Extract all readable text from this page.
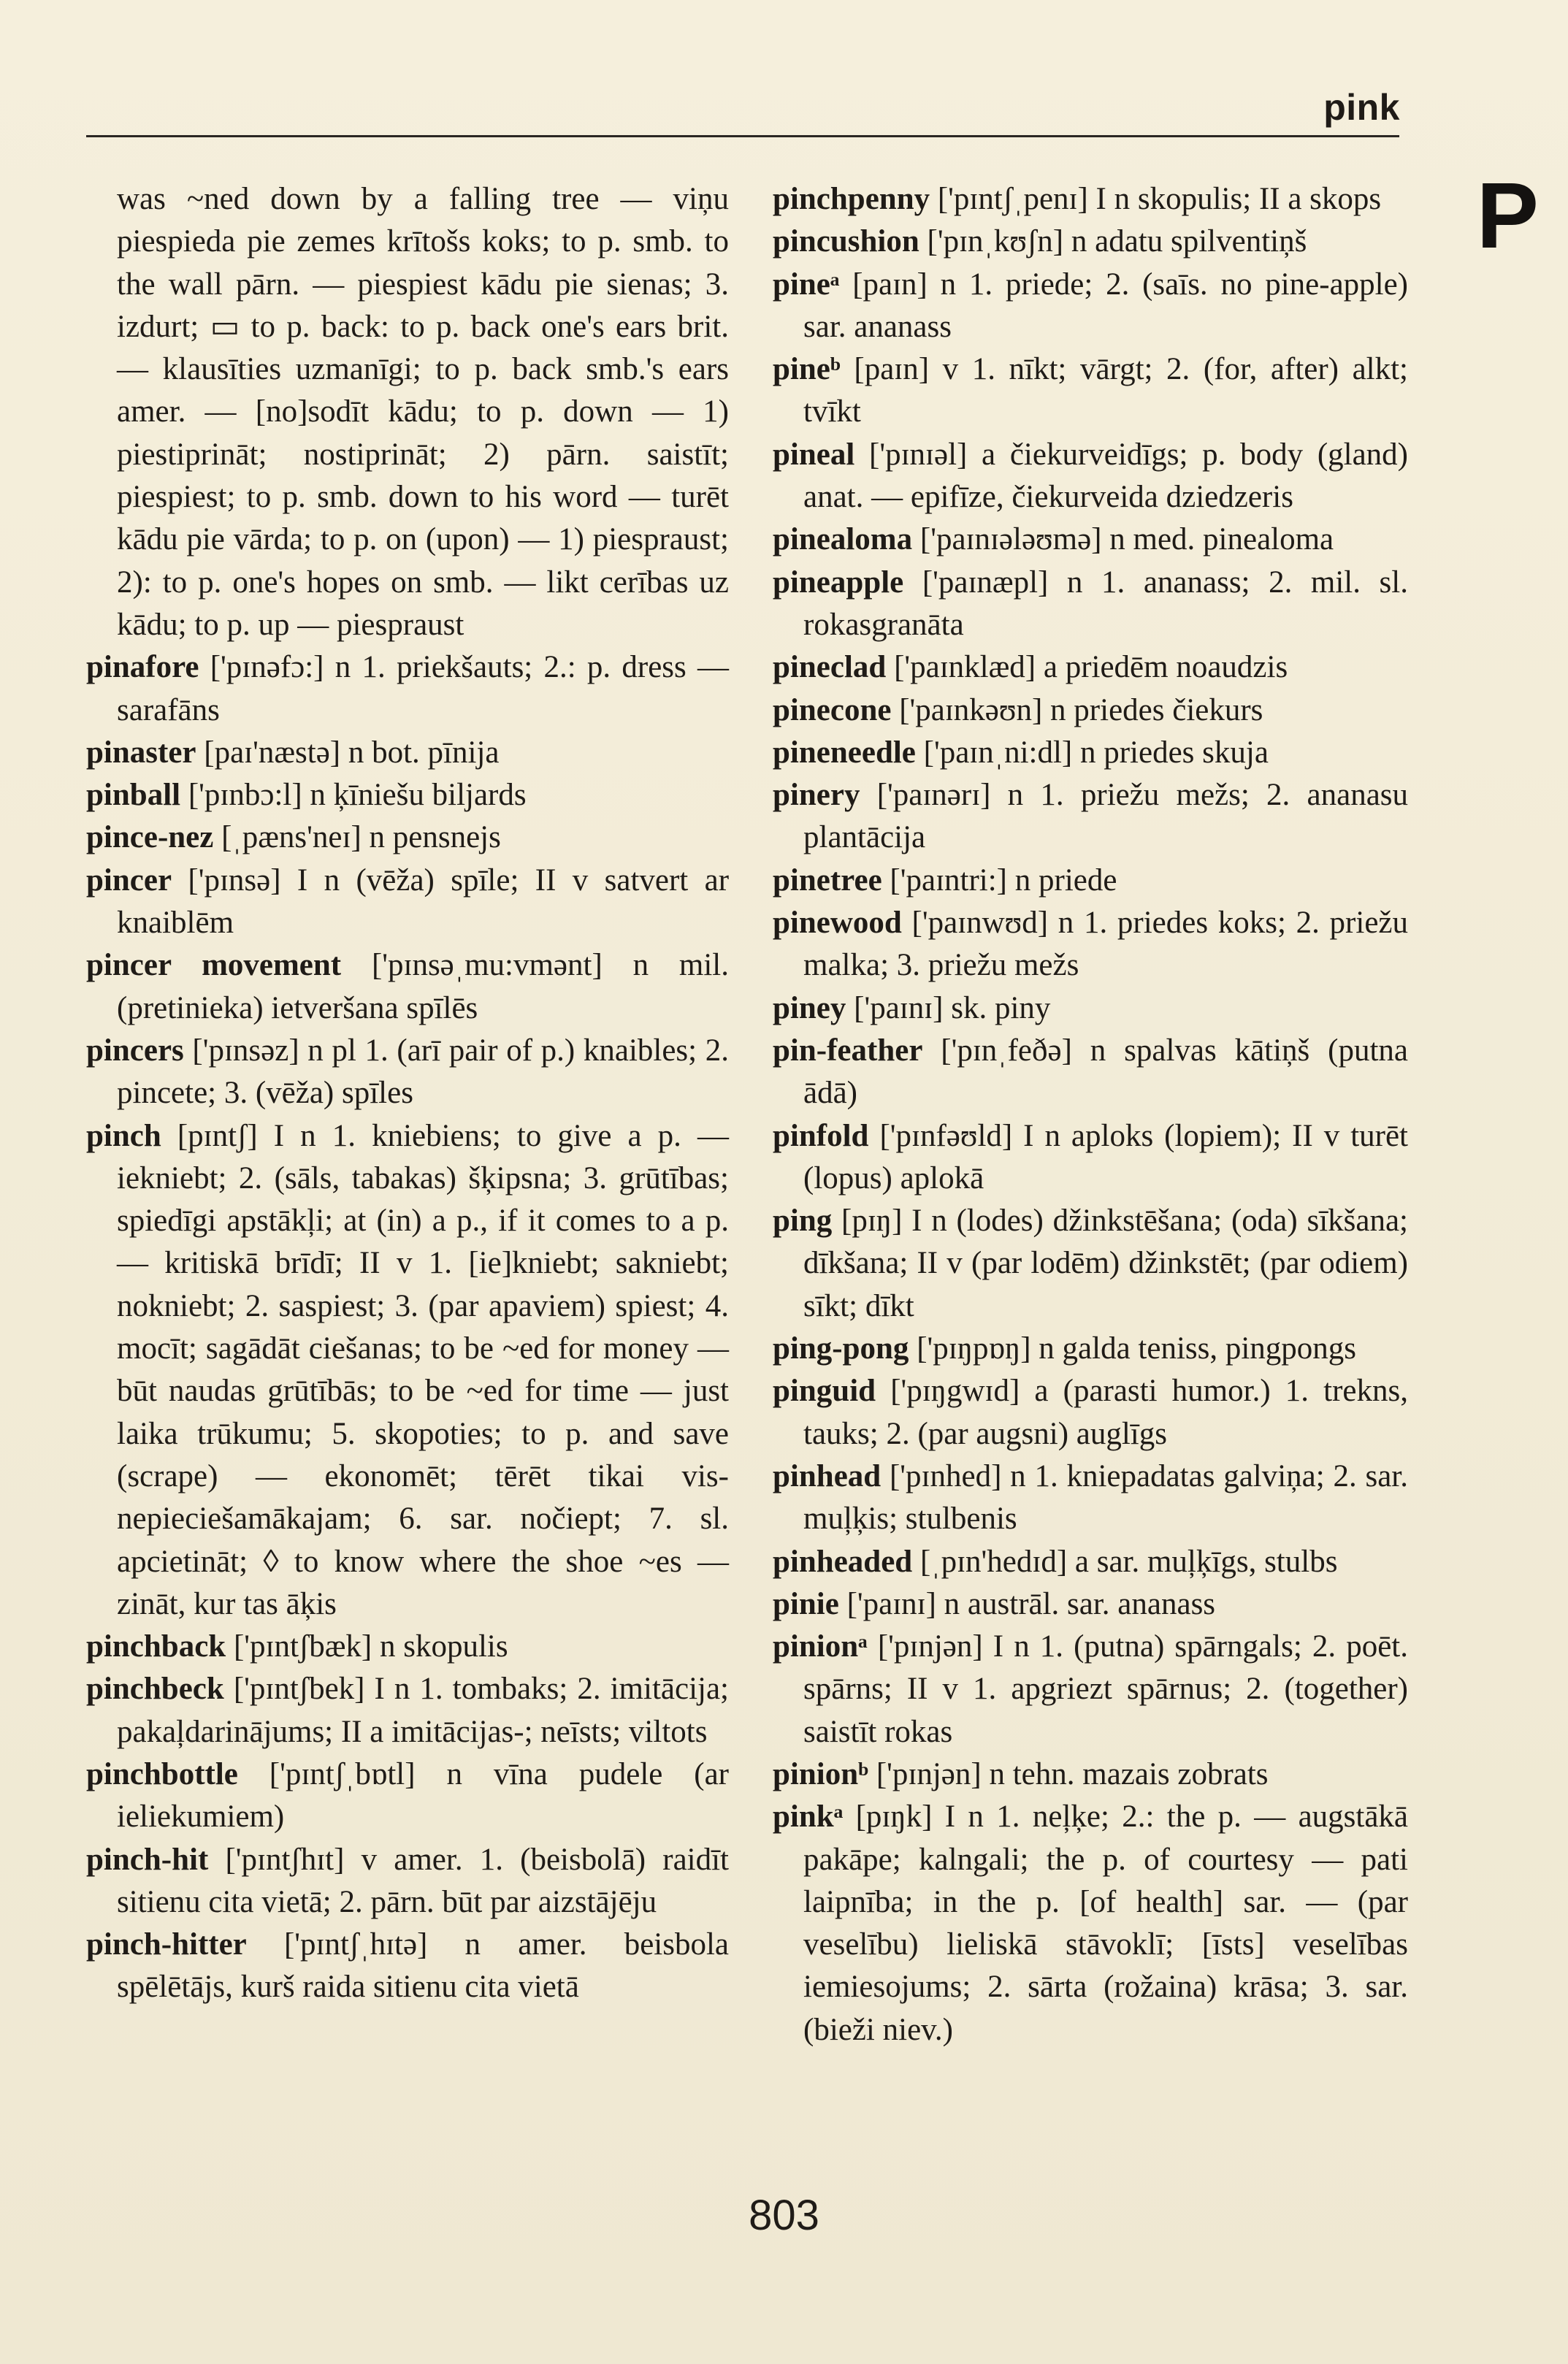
pink
P

was ~ned down by a falling tree — viņu piespieda pie zemes krītošs koks; to p. smb. to the wall pārn. — piespiest kādu pie sienas; 3. izdurt; ▭ to p. back: to p. back one's ears brit. — klausīties uzmanīgi; to p. back smb.'s ears amer. — [no]sodīt kādu; to p. down — 1) piestiprināt; nostiprināt; 2) pārn. saistīt; piespiest; to p. smb. down to his word — turēt kādu pie vārda; to p. on (upon) — 1) piespraust; 2): to p. one's hopes on smb. — likt cerības uz kādu; to p. up — piespraust

pinafore ['pɪnəfɔ:] n 1. priekšauts; 2.: p. dress — sarafāns

pinaster [paɪ'næstə] n bot. pīnija

pinball ['pɪnbɔ:l] n ķīniešu biljards

pince-nez [ˌpæns'neɪ] n pensnejs

pincer ['pɪnsə] I n (vēža) spīle; II v satvert ar knaiblēm

pincer movement ['pɪnsəˌmu:vmənt] n mil. (pretinieka) ietveršana spīlēs

pincers ['pɪnsəz] n pl 1. (arī pair of p.) knaibles; 2. pincete; 3. (vēža) spīles

pinch [pɪntʃ] I n 1. kniebiens; to give a p. — iekniebt; 2. (sāls, tabakas) šķipsna; 3. grūtības; spiedīgi apstākļi; at (in) a p., if it comes to a p. — kritiskā brīdī; II v 1. [ie]kniebt; sakniebt; nokniebt; 2. saspiest; 3. (par apaviem) spiest; 4. mocīt; sagādāt ciešanas; to be ~ed for money — būt naudas grūtībās; to be ~ed for time — just laika trūkumu; 5. skopoties; to p. and save (scrape) — ekonomēt; tērēt tikai vis-nepieciešamākajam; 6. sar. nočiept; 7. sl. apcietināt; ◊ to know where the shoe ~es — zināt, kur tas āķis

pinchback ['pɪntʃbæk] n skopulis

pinchbeck ['pɪntʃbek] I n 1. tombaks; 2. imitācija; pakaļdarinājums; II a imitācijas-; neīsts; viltots

pinchbottle ['pɪntʃˌbɒtl] n vīna pudele (ar ieliekumiem)

pinch-hit ['pɪntʃhɪt] v amer. 1. (beisbolā) raidīt sitienu cita vietā; 2. pārn. būt par aizstājēju

pinch-hitter ['pɪntʃˌhɪtə] n amer. beisbola spēlētājs, kurš raida sitienu cita vietā

pinchpenny ['pɪntʃˌpenɪ] I n skopulis; II a skops

pincushion ['pɪnˌkʊʃn] n adatu spilventiņš

pineᵃ [paɪn] n 1. priede; 2. (saīs. no pine-apple) sar. ananass

pineᵇ [paɪn] v 1. nīkt; vārgt; 2. (for, after) alkt; tvīkt

pineal ['pɪnɪəl] a čiekurveidīgs; p. body (gland) anat. — epifīze, čiekurveida dziedzeris

pinealoma ['paɪnɪələʊmə] n med. pinealoma

pineapple ['paɪnæpl] n 1. ananass; 2. mil. sl. rokasgranāta

pineclad ['paɪnklæd] a priedēm noaudzis

pinecone ['paɪnkəʊn] n priedes čiekurs

pineneedle ['paɪnˌni:dl] n priedes skuja

pinery ['paɪnərɪ] n 1. priežu mežs; 2. ananasu plantācija

pinetree ['paɪntri:] n priede

pinewood ['paɪnwʊd] n 1. priedes koks; 2. priežu malka; 3. priežu mežs

piney ['paɪnɪ] sk. piny

pin-feather ['pɪnˌfeðə] n spalvas kātiņš (putna ādā)

pinfold ['pɪnfəʊld] I n aploks (lopiem); II v turēt (lopus) aplokā

ping [pɪŋ] I n (lodes) džinkstēšana; (oda) sīkšana; dīkšana; II v (par lodēm) džinkstēt; (par odiem) sīkt; dīkt

ping-pong ['pɪŋpɒŋ] n galda teniss, pingpongs

pinguid ['pɪŋgwɪd] a (parasti humor.) 1. trekns, tauks; 2. (par augsni) auglīgs

pinhead ['pɪnhed] n 1. kniepadatas galviņa; 2. sar. muļķis; stulbenis

pinheaded [ˌpɪn'hedɪd] a sar. muļķīgs, stulbs

pinie ['paɪnɪ] n austrāl. sar. ananass

pinionᵃ ['pɪnjən] I n 1. (putna) spārngals; 2. poēt. spārns; II v 1. apgriezt spārnus; 2. (together) saistīt rokas

pinionᵇ ['pɪnjən] n tehn. mazais zobrats

pinkᵃ [pɪŋk] I n 1. neļķe; 2.: the p. — augstākā pakāpe; kalngali; the p. of courtesy — pati laipnība; in the p. [of health] sar. — (par veselību) lieliskā stāvoklī; [īsts] veselības iemiesojums; 2. sārta (rožaina) krāsa; 3. sar. (bieži niev.)

803
